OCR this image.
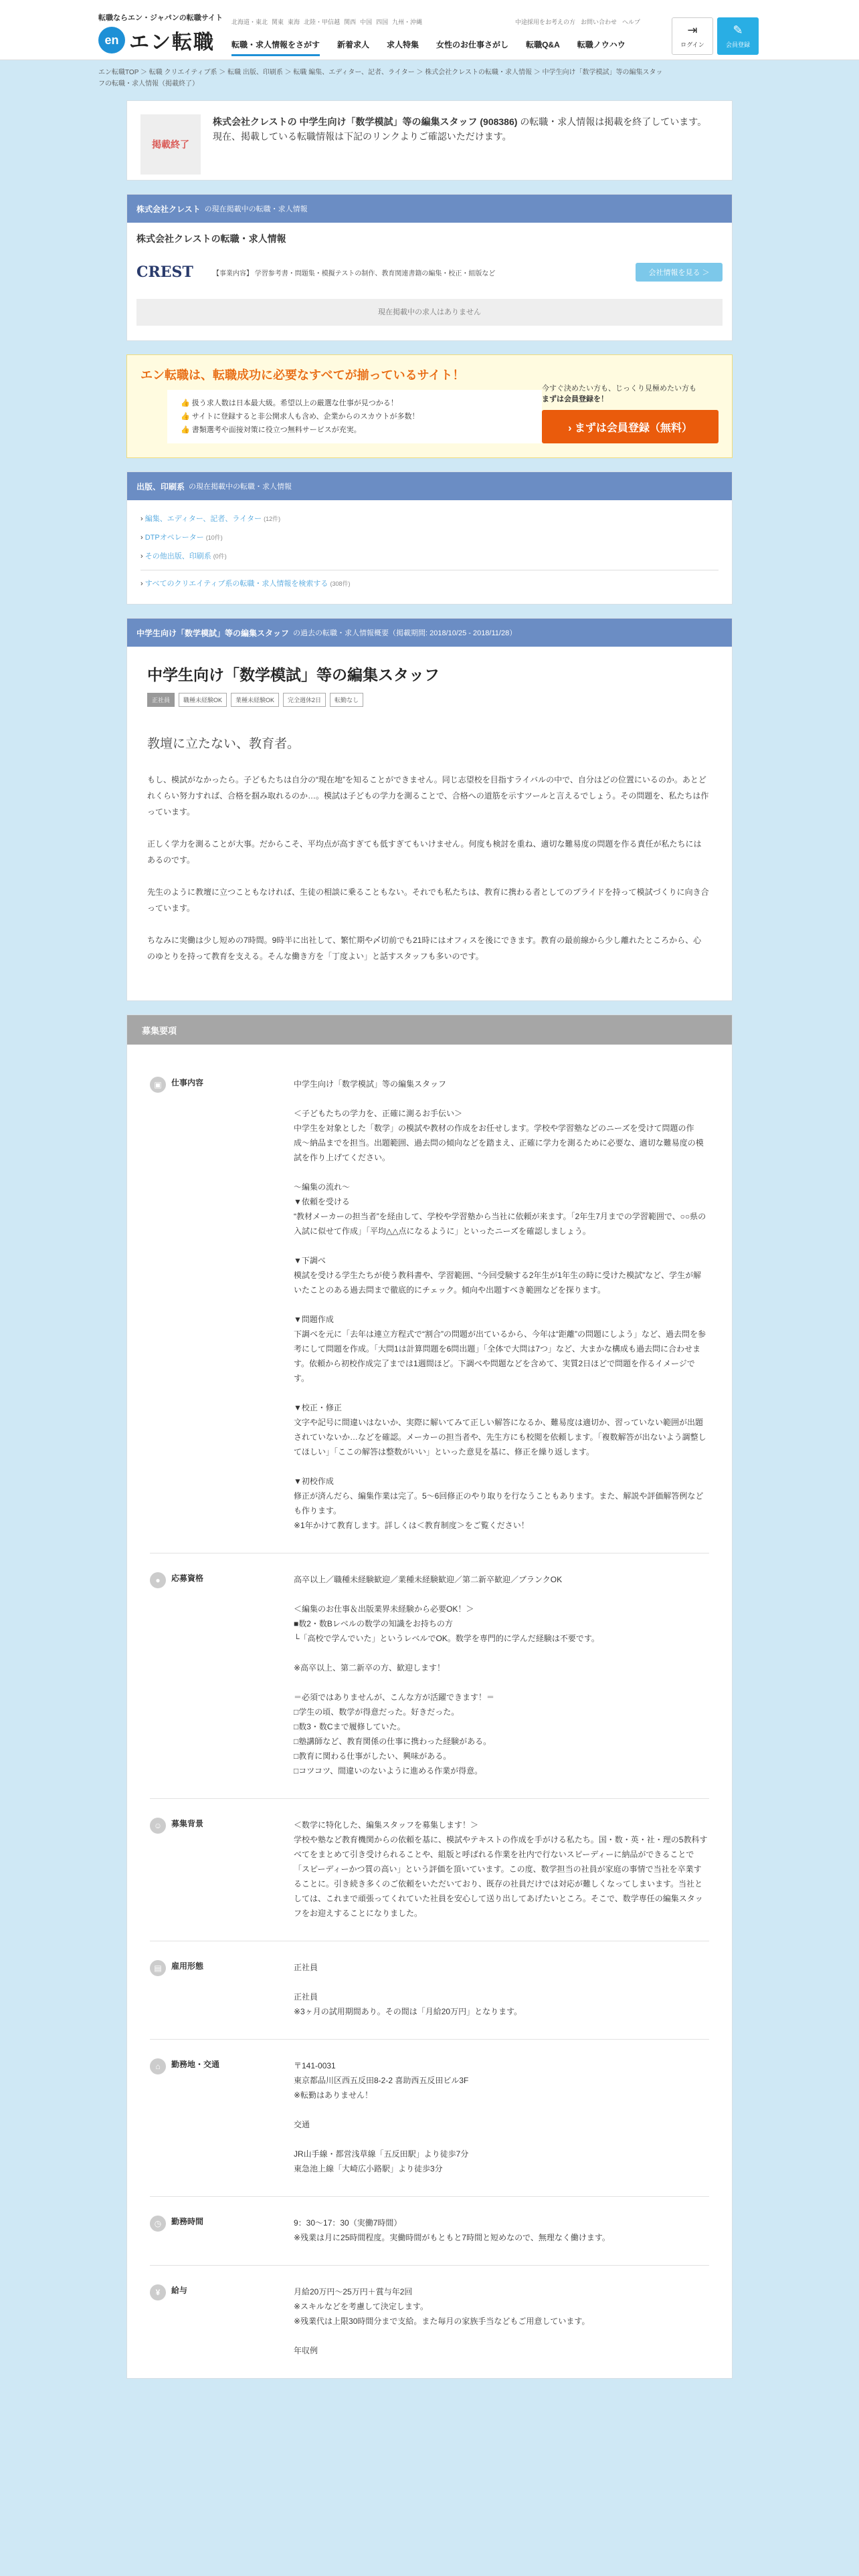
転職ならエン・ジャパンの転職サイト
en エン転職
北海道・東北 関東 東海 北陸・甲信越 関西 中国 四国 九州・沖縄	中途採用をお考えの方 お問い合わせ ヘルプ
転職・求人情報をさがす 新着求人 求人特集 女性のお仕事さがし 転職Q&A 転職ノウハウ
⇥
ログイン
✎
会員登録
エン転職TOP ＞ 転職 クリエイティブ系 ＞ 転職 出版、印刷系 ＞ 転職 編集、エディター、記者、ライター ＞ 株式会社クレストの転職・求人情報 ＞ 中学生向け「数学模試」等の編集スタッフの転職・求人情報（掲載終了）
掲載終了
株式会社クレストの 中学生向け「数学模試」等の編集スタッフ (908386) の転職・求人情報は掲載を終了しています。
現在、掲載している転職情報は下記のリンクよりご確認いただけます。
株式会社クレスト の現在掲載中の転職・求人情報
株式会社クレストの転職・求人情報
CREST	【事業内容】 学習参考書・問題集・模擬テストの制作、教育関連書籍の編集・校正・組版など	会社情報を見る ＞
現在掲載中の求人はありません
エン転職は、転職成功に必要なすべてが揃っているサイト！
👍 扱う求人数は日本最大級。希望以上の厳選な仕事が見つかる！
👍 サイトに登録すると非公開求人も含め、企業からのスカウトが多数！
👍 書類選考や面接対策に役立つ無料サービスが充実。

今すぐ決めたい方も、じっくり見極めたい方も

まずは会員登録を！

› まずは会員登録（無料）
出版、印刷系 の現在掲載中の転職・求人情報
› 編集、エディター、記者、ライター (12件)
› DTPオペレーター (10件)
› その他出版、印刷系 (0件)
› すべてのクリエイティブ系の転職・求人情報を検索する (308件)
中学生向け「数学模試」等の編集スタッフ の過去の転職・求人情報概要（掲載期間: 2018/10/25 - 2018/11/28）
中学生向け「数学模試」等の編集スタッフ
正社員	職種未経験OK	業種未経験OK	完全週休2日	転勤なし
教壇に立たない、教育者。

もし、模試がなかったら。子どもたちは自分の“現在地”を知ることができません。同じ志望校を目指すライバルの中で、自分はどの位置にいるのか。あとどれくらい努力すれば、合格を掴み取れるのか…。模試は子どもの学力を測ることで、合格への道筋を示すツールと言えるでしょう。その問題を、私たちは作っています。

正しく学力を測ることが大事。だからこそ、平均点が高すぎても低すぎてもいけません。何度も検討を重ね、適切な難易度の問題を作る責任が私たちにはあるのです。

先生のように教壇に立つこともなければ、生徒の相談に乗ることもない。それでも私たちは、教育に携わる者としてのプライドを持って模試づくりに向き合っています。

ちなみに実働は少し短めの7時間。9時半に出社して、繁忙期や〆切前でも21時にはオフィスを後にできます。教育の最前線から少し離れたところから、心のゆとりを持って教育を支える。そんな働き方を「丁度よい」と話すスタッフも多いのです。

募集要項
▣	仕事内容	中学生向け「数学模試」等の編集スタッフ

＜子どもたちの学力を、正確に測るお手伝い＞
中学生を対象とした「数学」の模試や教材の作成をお任せします。学校や学習塾などのニーズを受けて問題の作成〜納品までを担当。出題範囲、過去問の傾向などを踏まえ、正確に学力を測るために必要な、適切な難易度の模試を作り上げてください。

〜編集の流れ〜
▼依頼を受ける
“教材メーカーの担当者”を経由して、学校や学習塾から当社に依頼が来ます。「2年生7月までの学習範囲で、○○県の入試に似せて作成」「平均△△点になるように」といったニーズを確認しましょう。

▼下調べ
模試を受ける学生たちが使う教科書や、学習範囲、“今回受験する2年生が1年生の時に受けた模試”など、学生が解いたことのある過去問まで徹底的にチェック。傾向や出題すべき範囲などを探ります。

▼問題作成
下調べを元に「去年は連立方程式で“割合”の問題が出ているから、今年は“距離”の問題にしよう」など、過去問を参考にして問題を作成。「大問1は計算問題を6問出題」「全体で大問は7つ」など、大まかな構成も過去問に合わせます。依頼から初校作成完了までは1週間ほど。下調べや問題などを含めて、実質2日ほどで問題を作るイメージです。

▼校正・修正
文字や記号に間違いはないか、実際に解いてみて正しい解答になるか、難易度は適切か、習っていない範囲が出題されていないか…などを確認。メーカーの担当者や、先生方にも校閲を依頼します。「複数解答が出ないよう調整してほしい」「ここの解答は整数がいい」といった意見を基に、修正を繰り返します。

▼初校作成
修正が済んだら、編集作業は完了。5〜6回修正のやり取りを行なうこともあります。また、解説や評価解答例なども作ります。
※1年かけて教育します。詳しくは＜教育制度＞をご覧ください！
●	応募資格	高卒以上／職種未経験歓迎／業種未経験歓迎／第二新卒歓迎／ブランクOK

＜編集のお仕事＆出版業界未経験から必要OK！＞
■数2・数Bレベルの数学の知識をお持ちの方
└「高校で学んでいた」というレベルでOK。数学を専門的に学んだ経験は不要です。

※高卒以上、第二新卒の方、歓迎します！

＝必須ではありませんが、こんな方が活躍できます！＝
□学生の頃、数学が得意だった。好きだった。
□数3・数Cまで履修していた。
□塾講師など、教育関係の仕事に携わった経験がある。
□教育に関わる仕事がしたい、興味がある。
□コツコツ、間違いのないように進める作業が得意。
☺	募集背景	＜数学に特化した、編集スタッフを募集します！＞
学校や塾など教育機関からの依頼を基に、模試やテキストの作成を手がける私たち。国・数・英・社・理の5教科すべてをまとめて引き受けられることや、組版と呼ばれる作業を社内で行ないスピーディーに納品ができることで「スピーディーかつ質の高い」という評価を頂いています。この度、数学担当の社員が家庭の事情で当社を卒業することに。引き続き多くのご依頼をいただいており、既存の社員だけでは対応が難しくなってしまいます。当社としては、これまで頑張ってくれていた社員を安心して送り出してあげたいところ。そこで、数学専任の編集スタッフをお迎えすることになりました。
▤	雇用形態	正社員

正社員
※3ヶ月の試用期間あり。その間は「月給20万円」となります。
⌂	勤務地・交通	〒141-0031
東京都品川区西五反田8-2-2 喜助西五反田ビル3F
※転勤はありません！

交通

JR山手線・都営浅草線「五反田駅」より徒歩7分
東急池上線「大崎広小路駅」より徒歩3分
◷	勤務時間	9：30〜17：30（実働7時間）
※残業は月に25時間程度。実働時間がもともと7時間と短めなので、無理なく働けます。
¥	給与	月給20万円〜25万円＋賞与年2回
※スキルなどを考慮して決定します。
※残業代は上限30時間分まで支給。また毎月の家族手当などもご用意しています。

年収例
